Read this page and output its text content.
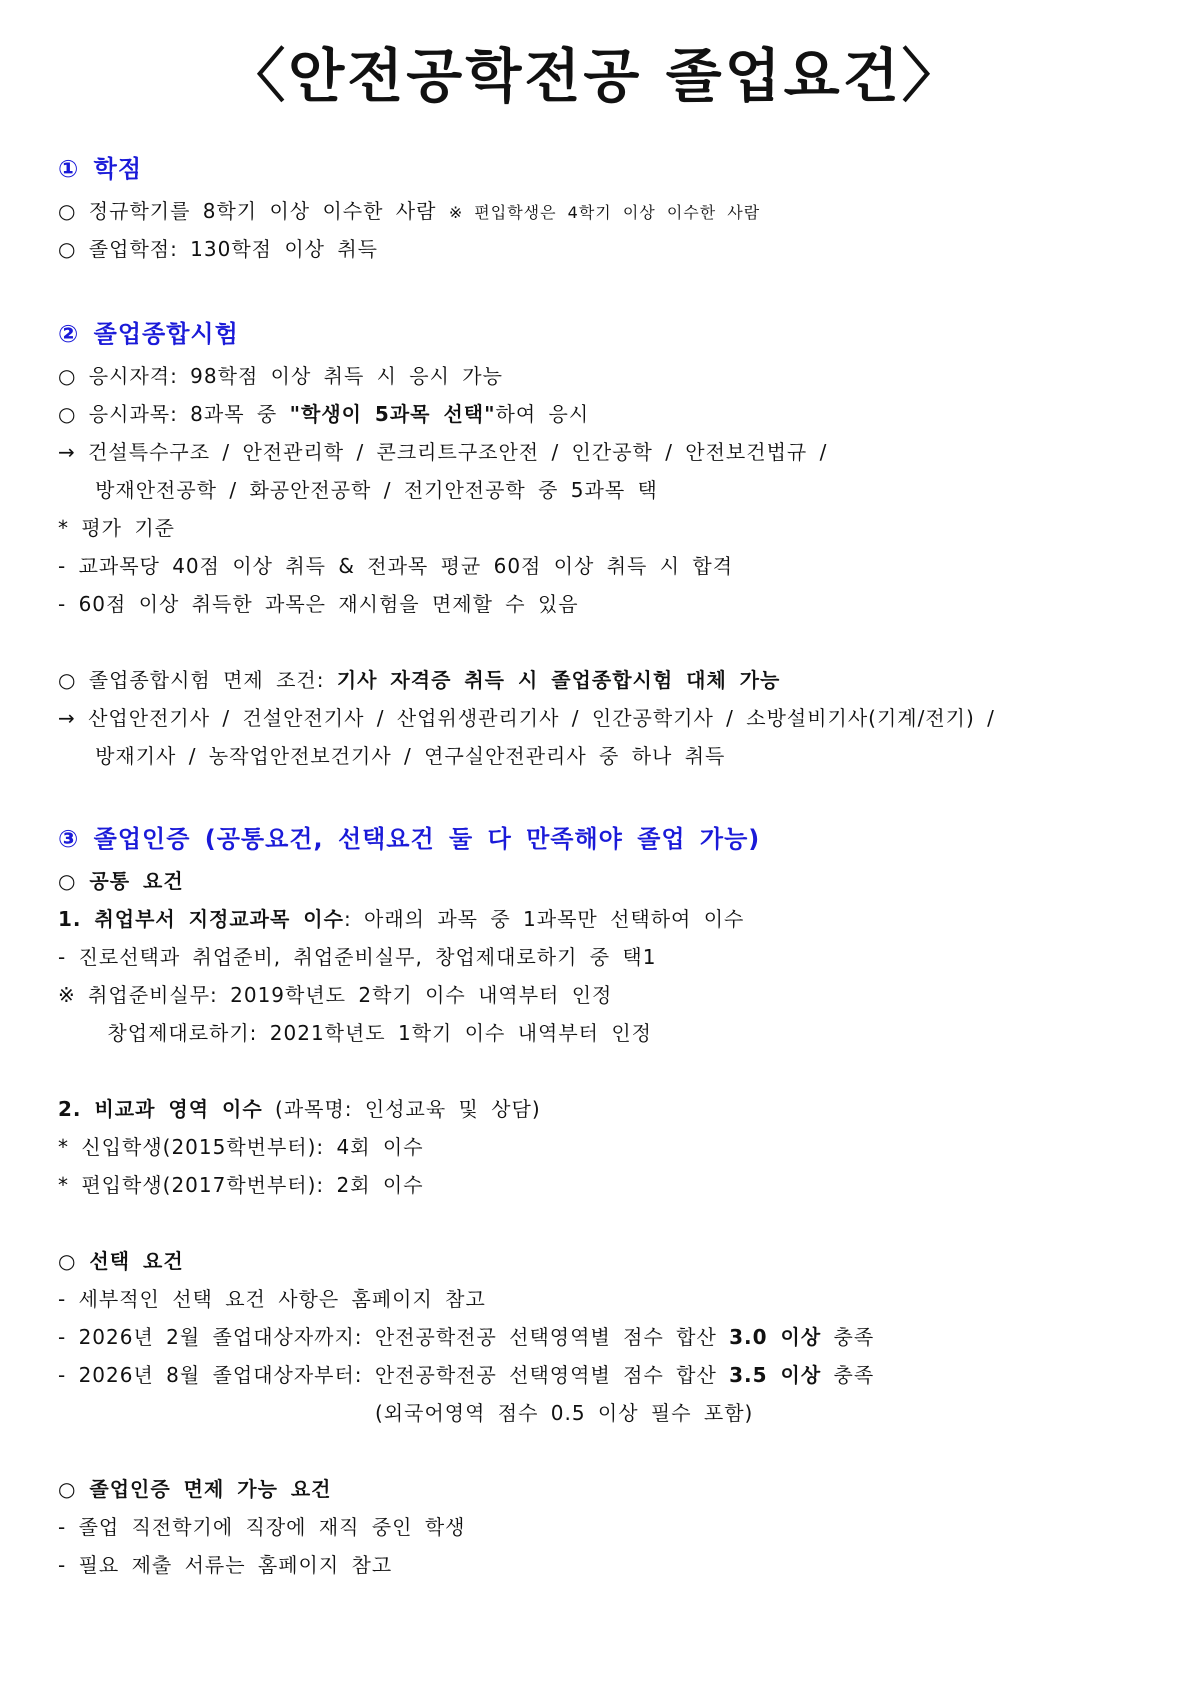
〈안전공학전공 졸업요건〉
① 학점
○ 정규학기를 8학기 이상 이수한 사람 ※ 편입학생은 4학기 이상 이수한 사람
○ 졸업학점: 130학점 이상 취득
② 졸업종합시험
○ 응시자격: 98학점 이상 취득 시 응시 가능
○ 응시과목: 8과목 중 "학생이 5과목 선택"하여 응시
→ 건설특수구조 / 안전관리학 / 콘크리트구조안전 / 인간공학 / 안전보건법규 /
방재안전공학 / 화공안전공학 / 전기안전공학 중 5과목 택
* 평가 기준
- 교과목당 40점 이상 취득 & 전과목 평균 60점 이상 취득 시 합격
- 60점 이상 취득한 과목은 재시험을 면제할 수 있음
○ 졸업종합시험 면제 조건: 기사 자격증 취득 시 졸업종합시험 대체 가능
→ 산업안전기사 / 건설안전기사 / 산업위생관리기사 / 인간공학기사 / 소방설비기사(기계/전기) /
방재기사 / 농작업안전보건기사 / 연구실안전관리사 중 하나 취득
③ 졸업인증 (공통요건, 선택요건 둘 다 만족해야 졸업 가능)
○ 공통 요건
1. 취업부서 지정교과목 이수: 아래의 과목 중 1과목만 선택하여 이수
- 진로선택과 취업준비, 취업준비실무, 창업제대로하기 중 택1
※ 취업준비실무: 2019학년도 2학기 이수 내역부터 인정
창업제대로하기: 2021학년도 1학기 이수 내역부터 인정
2. 비교과 영역 이수 (과목명: 인성교육 및 상담)
* 신입학생(2015학번부터): 4회 이수
* 편입학생(2017학번부터): 2회 이수
○ 선택 요건
- 세부적인 선택 요건 사항은 홈페이지 참고
- 2026년 2월 졸업대상자까지: 안전공학전공 선택영역별 점수 합산 3.0 이상 충족
- 2026년 8월 졸업대상자부터: 안전공학전공 선택영역별 점수 합산 3.5 이상 충족
(외국어영역 점수 0.5 이상 필수 포함)
○ 졸업인증 면제 가능 요건
- 졸업 직전학기에 직장에 재직 중인 학생
- 필요 제출 서류는 홈페이지 참고
